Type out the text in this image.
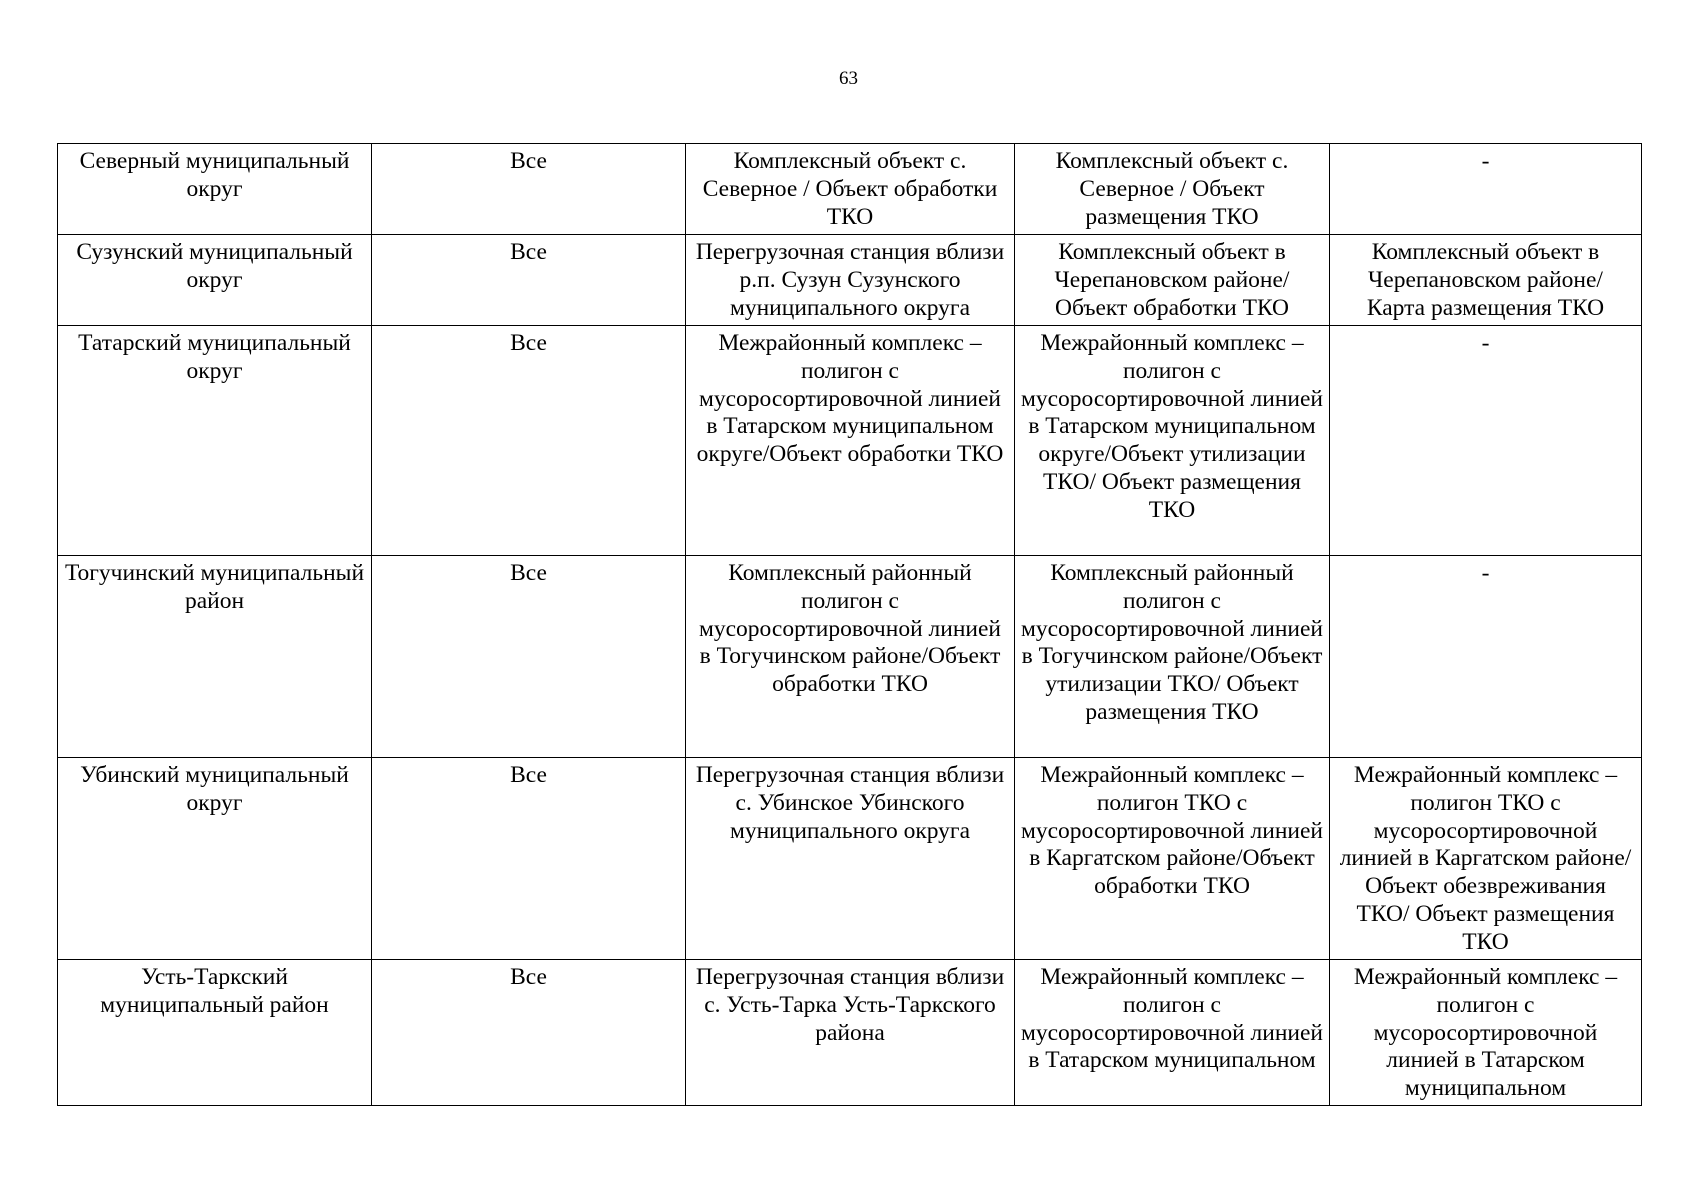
63
Северный муниципальный округ	Все	Комплексный объект с. Северное / Объект обработки ТКО	Комплексный объект с. Северное / Объект размещения ТКО	-
Сузунский муниципальный округ	Все	Перегрузочная станция вблизи р.п. Сузун Сузунского муниципального округа	Комплексный объект в Черепановском районе/ Объект обработки ТКО	Комплексный объект в Черепановском районе/ Карта размещения ТКО
Татарский муниципальный округ	Все	Межрайонный комплекс – полигон с мусоросортировочной линией в Татарском муниципальном округе/Объект обработки ТКО	Межрайонный комплекс – полигон с мусоросортировочной линией в Татарском муниципальном округе/Объект утилизации ТКО/ Объект размещения ТКО	-
Тогучинский муниципальный район	Все	Комплексный районный полигон с мусоросортировочной линией в Тогучинском районе/Объект обработки ТКО	Комплексный районный полигон с мусоросортировочной линией в Тогучинском районе/Объект утилизации ТКО/ Объект размещения ТКО	-
Убинский муниципальный округ	Все	Перегрузочная станция вблизи с. Убинское Убинского муниципального округа	Межрайонный комплекс – полигон ТКО с мусоросортировочной линией в Каргатском районе/Объект обработки ТКО	Межрайонный комплекс – полигон ТКО с мусоросортировочной линией в Каргатском районе/Объект обезвреживания ТКО/ Объект размещения ТКО
Усть-Таркский муниципальный район	Все	Перегрузочная станция вблизи с. Усть-Тарка Усть-Таркского района	Межрайонный комплекс – полигон с мусоросортировочной линией в Татарском муниципальном	Межрайонный комплекс – полигон с мусоросортировочной линией в Татарском муниципальном
